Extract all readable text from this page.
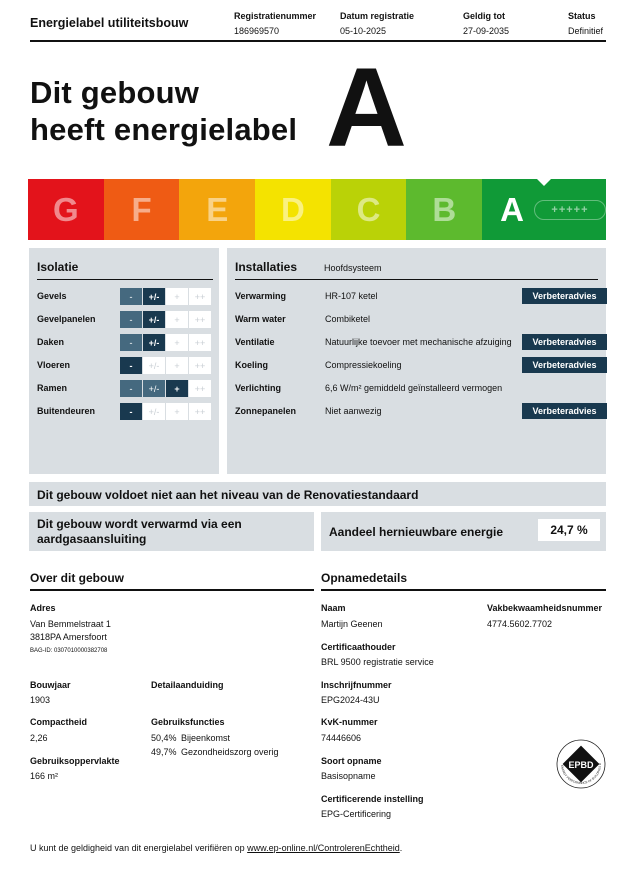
Energielabel utiliteitsbouw	Registratienummer
186969570
Datum registratie
05-10-2025
Geldig tot
27-09-2035
Status
Definitief
Dit gebouw
heeft energielabel A
G F E D C B A	+++++
Isolatie
Gevels	-	+/-	+	++
Gevelpanelen	-	+/-	+	++
Daken	-	+/-	+	++
Vloeren	-	+/-	+	++
Ramen	-	+/-	+	++
Buitendeuren	-	+/-	+	++
Installaties	Hoofdsysteem
Verwarming	HR-107 ketel	Verbeteradvies
Warm water	Combiketel
Ventilatie	Natuurlijke toevoer met mechanische afzuiging	Verbeteradvies
Koeling	Compressiekoeling	Verbeteradvies
Verlichting	6,6 W/m² gemiddeld geïnstalleerd vermogen
Zonnepanelen	Niet aanwezig	Verbeteradvies
Dit gebouw voldoet niet aan het niveau van de Renovatiestandaard
Dit gebouw wordt verwarmd via een
aardgasaansluiting	Aandeel hernieuwbare energie	24,7 %
Over dit gebouw
Adres
Van Bemmelstraat 1
3818PA Amersfoort
BAG-ID: 0307010000382708
Bouwjaar
1903
Detailaanduiding
Compactheid
2,26
Gebruiksoppervlakte
166 m²
Gebruiksfuncties
50,4% Bijeenkomst
49,7% Gezondheidszorg overig
Opnamedetails
Naam
Martijn Geenen
Vakbekwaamheidsnummer
4774.5602.7702
Certificaathouder
BRL 9500 registratie service
Inschrijfnummer
EPG2024-43U
KvK-nummer
74446606
Soort opname
Basisopname
Certificerende instelling
EPG-Certificering
EPBD
ENERGY PERFORMANCE OF BUILDINGS D
U kunt de geldigheid van dit energielabel verifiëren op www.ep-online.nl/ControlerenEchtheid.
